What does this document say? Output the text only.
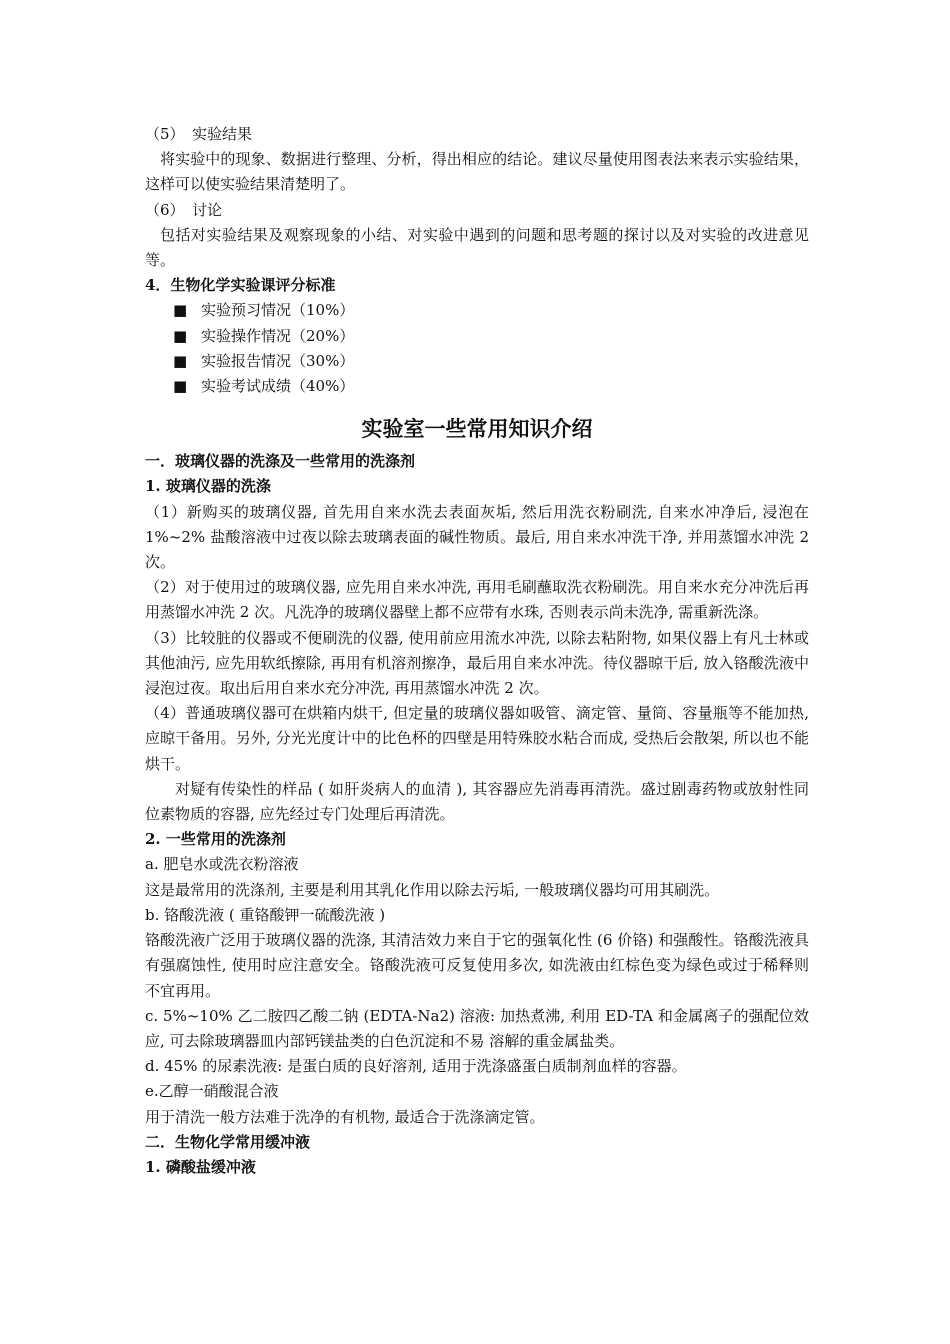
（5）　实验结果
将实验中的现象、数据进行整理、分析，得出相应的结论。建议尽量使用图表法来表示实验结果，这样可以使实验结果清楚明了。
（6）　讨论
包括对实验结果及观察现象的小结、对实验中遇到的问题和思考题的探讨以及对实验的改进意见等。
4．生物化学实验课评分标准
■ 实验预习情况（10%）
■ 实验操作情况（20%）
■ 实验报告情况（30%）
■ 实验考试成绩（40%）
实验室一些常用知识介绍
一．玻璃仪器的洗涤及一些常用的洗涤剂
1. 玻璃仪器的洗涤
（1）新购买的玻璃仪器, 首先用自来水洗去表面灰垢, 然后用洗衣粉刷洗, 自来水冲净后, 浸泡在 1%~2% 盐酸溶液中过夜以除去玻璃表面的碱性物质。最后, 用自来水冲洗干净, 并用蒸馏水冲洗 2 次。
（2）对于使用过的玻璃仪器, 应先用自来水冲洗, 再用毛刷蘸取洗衣粉刷洗。用自来水充分冲洗后再用蒸馏水冲洗 2 次。凡洗净的玻璃仪器壁上都不应带有水珠, 否则表示尚未洗净, 需重新洗涤。
（3）比较脏的仪器或不便刷洗的仪器, 使用前应用流水冲洗, 以除去粘附物, 如果仪器上有凡士林或其他油污, 应先用软纸擦除, 再用有机溶剂擦净，最后用自来水冲洗。待仪器晾干后, 放入铬酸洗液中浸泡过夜。取出后用自来水充分冲洗, 再用蒸馏水冲洗 2 次。
（4）普通玻璃仪器可在烘箱内烘干, 但定量的玻璃仪器如吸管、滴定管、量筒、容量瓶等不能加热, 应晾干备用。另外, 分光光度计中的比色杯的四壁是用特殊胶水粘合而成, 受热后会散架, 所以也不能烘干。
对疑有传染性的样品 ( 如肝炎病人的血清 ), 其容器应先消毒再清洗。盛过剧毒药物或放射性同位素物质的容器, 应先经过专门处理后再清洗。
2. 一些常用的洗涤剂
a. 肥皂水或洗衣粉溶液
这是最常用的洗涤剂, 主要是利用其乳化作用以除去污垢, 一般玻璃仪器均可用其刷洗。
b. 铬酸洗液 ( 重铬酸钾一硫酸洗液 )
铬酸洗液广泛用于玻璃仪器的洗涤, 其清洁效力来自于它的强氧化性 (6 价铬) 和强酸性。铬酸洗液具有强腐蚀性, 使用时应注意安全。铬酸洗液可反复使用多次, 如洗液由红棕色变为绿色或过于稀释则不宜再用。
c. 5%~10% 乙二胺四乙酸二钠 (EDTA-Na2) 溶液: 加热煮沸, 利用 ED-TA 和金属离子的强配位效应, 可去除玻璃器皿内部钙镁盐类的白色沉淀和不易 溶解的重金属盐类。
d. 45% 的尿素洗液: 是蛋白质的良好溶剂, 适用于洗涤盛蛋白质制剂血样的容器。
e.乙醇一硝酸混合液
用于清洗一般方法难于洗净的有机物, 最适合于洗涤滴定管。
二．生物化学常用缓冲液
1. 磷酸盐缓冲液
